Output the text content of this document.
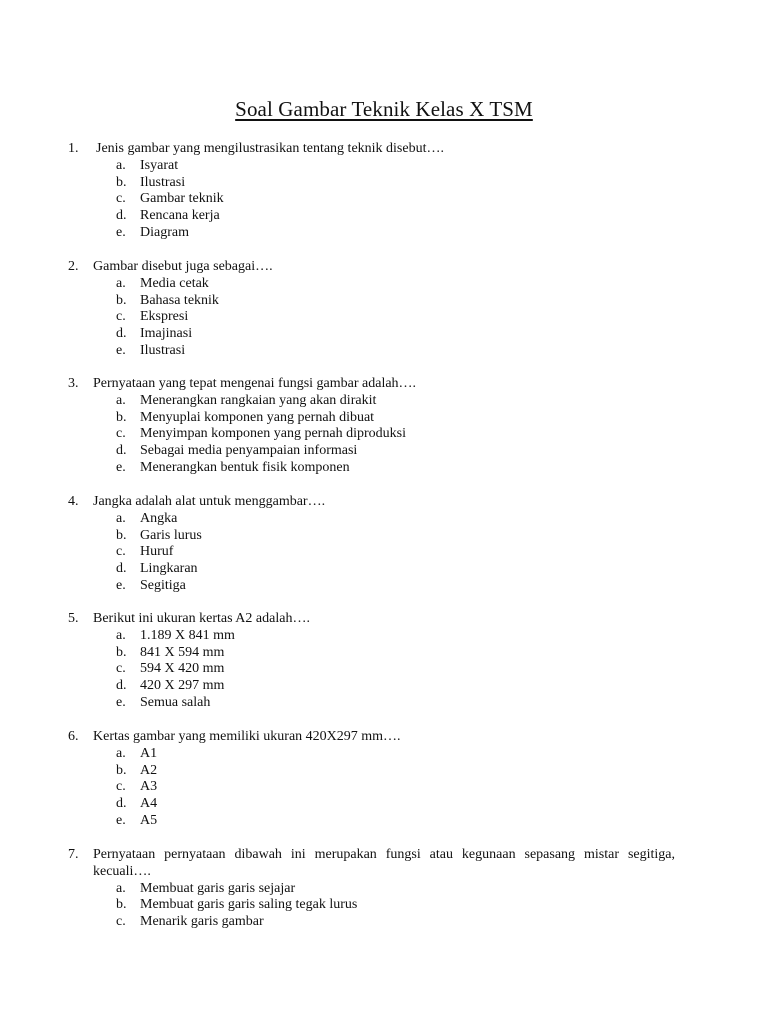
Soal Gambar Teknik Kelas X TSM
1. Jenis gambar yang mengilustrasikan tentang teknik disebut….
a. Isyarat
b. Ilustrasi
c. Gambar teknik
d. Rencana kerja
e. Diagram
2. Gambar disebut juga sebagai….
a. Media cetak
b. Bahasa teknik
c. Ekspresi
d. Imajinasi
e. Ilustrasi
3. Pernyataan yang tepat mengenai fungsi gambar adalah….
a. Menerangkan rangkaian yang akan dirakit
b. Menyuplai komponen yang pernah dibuat
c. Menyimpan komponen yang pernah diproduksi
d. Sebagai media penyampaian informasi
e. Menerangkan bentuk fisik komponen
4. Jangka adalah alat untuk menggambar….
a. Angka
b. Garis lurus
c. Huruf
d. Lingkaran
e. Segitiga
5. Berikut ini ukuran kertas A2 adalah….
a. 1.189 X 841 mm
b. 841 X 594 mm
c. 594 X 420 mm
d. 420 X 297 mm
e. Semua salah
6. Kertas gambar yang memiliki ukuran 420X297 mm….
a. A1
b. A2
c. A3
d. A4
e. A5
7. Pernyataan pernyataan dibawah ini merupakan fungsi atau kegunaan sepasang mistar segitiga, kecuali….
a. Membuat garis garis sejajar
b. Membuat garis garis saling tegak lurus
c. Menarik garis gambar
